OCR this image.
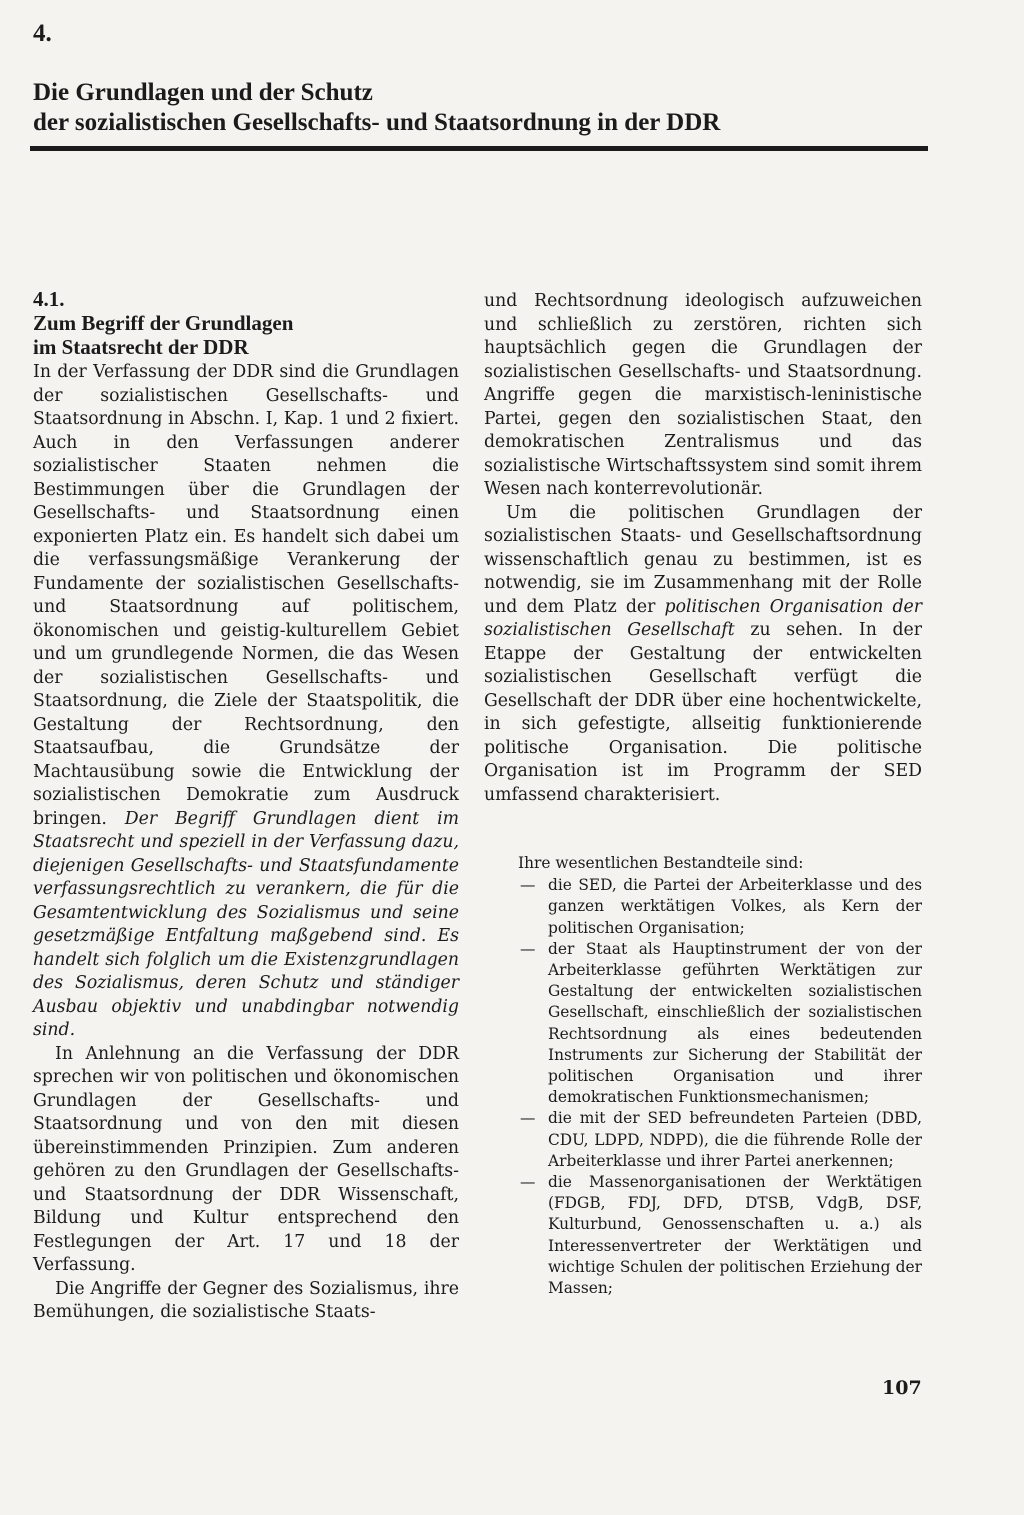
4.
Die Grundlagen und der Schutz
der sozialistischen Gesellschafts- und Staatsordnung in der DDR
4.1.
Zum Begriff der Grundlagen
im Staatsrecht der DDR

In der Verfassung der DDR sind die Grundlagen der sozialistischen Gesellschafts- und Staatsordnung in Abschn. I, Kap. 1 und 2 fixiert. Auch in den Verfassungen anderer sozialistischer Staaten nehmen die Bestimmungen über die Grundlagen der Gesellschafts- und Staatsordnung einen exponierten Platz ein. Es handelt sich dabei um die verfassungsmäßige Verankerung der Fundamente der sozialistischen Gesellschafts- und Staatsordnung auf politischem, ökonomischen und geistig-kulturellem Gebiet und um grundlegende Normen, die das Wesen der sozialistischen Gesellschafts- und Staatsordnung, die Ziele der Staatspolitik, die Gestaltung der Rechtsordnung, den Staatsaufbau, die Grundsätze der Machtausübung sowie die Entwicklung der sozialistischen Demokratie zum Ausdruck bringen. Der Begriff Grundlagen dient im Staatsrecht und speziell in der Verfassung dazu, diejenigen Gesellschafts- und Staatsfundamente verfassungsrechtlich zu verankern, die für die Gesamtentwicklung des Sozialismus und seine gesetzmäßige Entfaltung maßgebend sind. Es handelt sich folglich um die Existenzgrundlagen des Sozialismus, deren Schutz und ständiger Ausbau objektiv und unabdingbar notwendig sind.

In Anlehnung an die Verfassung der DDR sprechen wir von politischen und ökonomischen Grundlagen der Gesellschafts- und Staatsordnung und von den mit diesen übereinstimmenden Prinzipien. Zum anderen gehören zu den Grundlagen der Gesellschafts- und Staatsordnung der DDR Wissenschaft, Bildung und Kultur entsprechend den Festlegungen der Art. 17 und 18 der Verfassung.

Die Angriffe der Gegner des Sozialismus, ihre Bemühungen, die sozialistische Staats-

und Rechtsordnung ideologisch aufzuweichen und schließlich zu zerstören, richten sich hauptsächlich gegen die Grundlagen der sozialistischen Gesellschafts- und Staatsordnung. Angriffe gegen die marxistisch-leninistische Partei, gegen den sozialistischen Staat, den demokratischen Zentralismus und das sozialistische Wirtschaftssystem sind somit ihrem Wesen nach konterrevolutionär.

Um die politischen Grundlagen der sozialistischen Staats- und Gesellschaftsordnung wissenschaftlich genau zu bestimmen, ist es notwendig, sie im Zusammenhang mit der Rolle und dem Platz der politischen Organisation der sozialistischen Gesellschaft zu sehen. In der Etappe der Gestaltung der entwickelten sozialistischen Gesellschaft verfügt die Gesellschaft der DDR über eine hochentwickelte, in sich gefestigte, allseitig funktionierende politische Organisation. Die politische Organisation ist im Programm der SED umfassend charakterisiert.

Ihre wesentlichen Bestandteile sind:

— die SED, die Partei der Arbeiterklasse und des ganzen werktätigen Volkes, als Kern der politischen Organisation;
— der Staat als Hauptinstrument der von der Arbeiterklasse geführten Werktätigen zur Gestaltung der entwickelten sozialistischen Gesellschaft, einschließlich der sozialistischen Rechtsordnung als eines bedeutenden Instruments zur Sicherung der Stabilität der politischen Organisation und ihrer demokratischen Funktionsmechanismen;
— die mit der SED befreundeten Parteien (DBD, CDU, LDPD, NDPD), die die führende Rolle der Arbeiterklasse und ihrer Partei anerkennen;
— die Massenorganisationen der Werktätigen (FDGB, FDJ, DFD, DTSB, VdgB, DSF, Kulturbund, Genossenschaften u. a.) als Interessenvertreter der Werktätigen und wichtige Schulen der politischen Erziehung der Massen;
107
